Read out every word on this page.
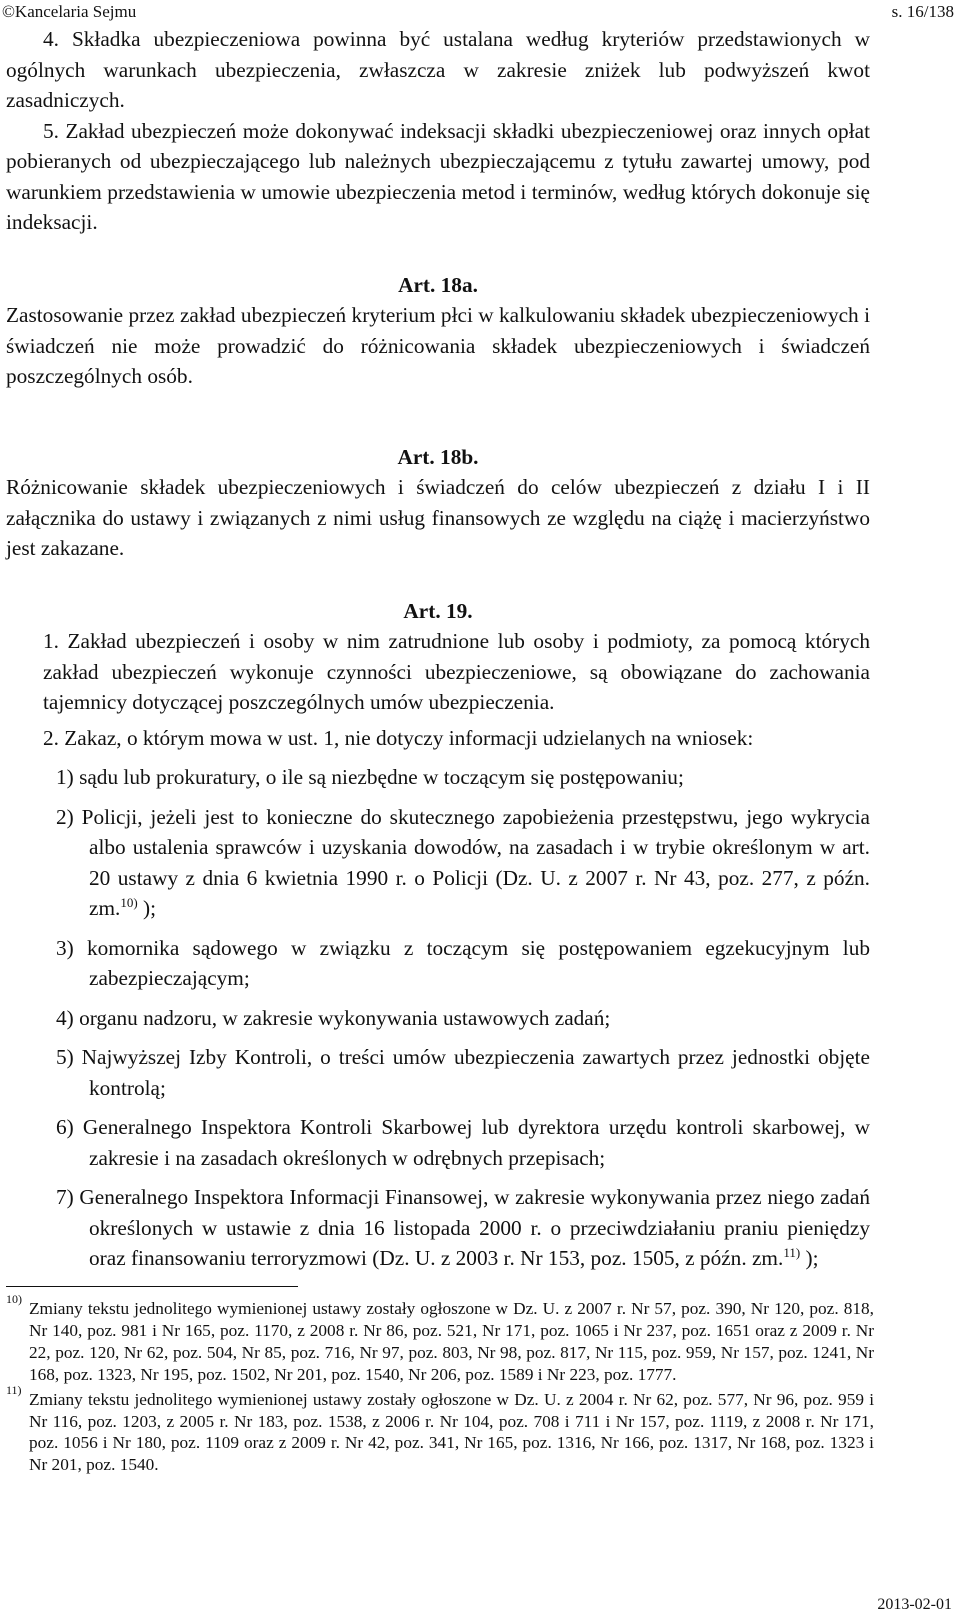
©Kancelaria Sejmu	s. 16/138

4. Składka ubezpieczeniowa powinna być ustalana według kryteriów przedstawionych w ogólnych warunkach ubezpieczenia, zwłaszcza w zakresie zniżek lub podwyższeń kwot zasadniczych.

5. Zakład ubezpieczeń może dokonywać indeksacji składki ubezpieczeniowej oraz innych opłat pobieranych od ubezpieczającego lub należnych ubezpieczającemu z tytułu zawartej umowy, pod warunkiem przedstawienia w umowie ubezpieczenia metod i terminów, według których dokonuje się indeksacji.

Art. 18a.

Zastosowanie przez zakład ubezpieczeń kryterium płci w kalkulowaniu składek ubezpieczeniowych i świadczeń nie może prowadzić do różnicowania składek ubezpieczeniowych i świadczeń poszczególnych osób.

Art. 18b.

Różnicowanie składek ubezpieczeniowych i świadczeń do celów ubezpieczeń z działu I i II załącznika do ustawy i związanych z nimi usług finansowych ze względu na ciążę i macierzyństwo jest zakazane.

Art. 19.

1. Zakład ubezpieczeń i osoby w nim zatrudnione lub osoby i podmioty, za pomocą których zakład ubezpieczeń wykonuje czynności ubezpieczeniowe, są obowiązane do zachowania tajemnicy dotyczącej poszczególnych umów ubezpieczenia.

2. Zakaz, o którym mowa w ust. 1, nie dotyczy informacji udzielanych na wniosek:

1) sądu lub prokuratury, o ile są niezbędne w toczącym się postępowaniu;

2) Policji, jeżeli jest to konieczne do skutecznego zapobieżenia przestępstwu, jego wykrycia albo ustalenia sprawców i uzyskania dowodów, na zasadach i w trybie określonym w art. 20 ustawy z dnia 6 kwietnia 1990 r. o Policji (Dz. U. z 2007 r. Nr 43, poz. 277, z późn. zm.$^{10)}$ );

3) komornika sądowego w związku z toczącym się postępowaniem egzekucyjnym lub zabezpieczającym;

4) organu nadzoru, w zakresie wykonywania ustawowych zadań;

5) Najwyższej Izby Kontroli, o treści umów ubezpieczenia zawartych przez jednostki objęte kontrolą;

6) Generalnego Inspektora Kontroli Skarbowej lub dyrektora urzędu kontroli skarbowej, w zakresie i na zasadach określonych w odrębnych przepisach;

7) Generalnego Inspektora Informacji Finansowej, w zakresie wykonywania przez niego zadań określonych w ustawie z dnia 16 listopada 2000 r. o przeciwdziałaniu praniu pieniędzy oraz finansowaniu terroryzmowi (Dz. U. z 2003 r. Nr 153, poz. 1505, z późn. zm.$^{11)}$ );

10) Zmiany tekstu jednolitego wymienionej ustawy zostały ogłoszone w Dz. U. z 2007 r. Nr 57, poz. 390, Nr 120, poz. 818, Nr 140, poz. 981 i Nr 165, poz. 1170, z 2008 r. Nr 86, poz. 521, Nr 171, poz. 1065 i Nr 237, poz. 1651 oraz z 2009 r. Nr 22, poz. 120, Nr 62, poz. 504, Nr 85, poz. 716, Nr 97, poz. 803, Nr 98, poz. 817, Nr 115, poz. 959, Nr 157, poz. 1241, Nr 168, poz. 1323, Nr 195, poz. 1502, Nr 201, poz. 1540, Nr 206, poz. 1589 i Nr 223, poz. 1777.
11) Zmiany tekstu jednolitego wymienionej ustawy zostały ogłoszone w Dz. U. z 2004 r. Nr 62, poz. 577, Nr 96, poz. 959 i Nr 116, poz. 1203, z 2005 r. Nr 183, poz. 1538, z 2006 r. Nr 104, poz. 708 i 711 i Nr 157, poz. 1119, z 2008 r. Nr 171, poz. 1056 i Nr 180, poz. 1109 oraz z 2009 r. Nr 42, poz. 341, Nr 165, poz. 1316, Nr 166, poz. 1317, Nr 168, poz. 1323 i Nr 201, poz. 1540.
2013-02-01
